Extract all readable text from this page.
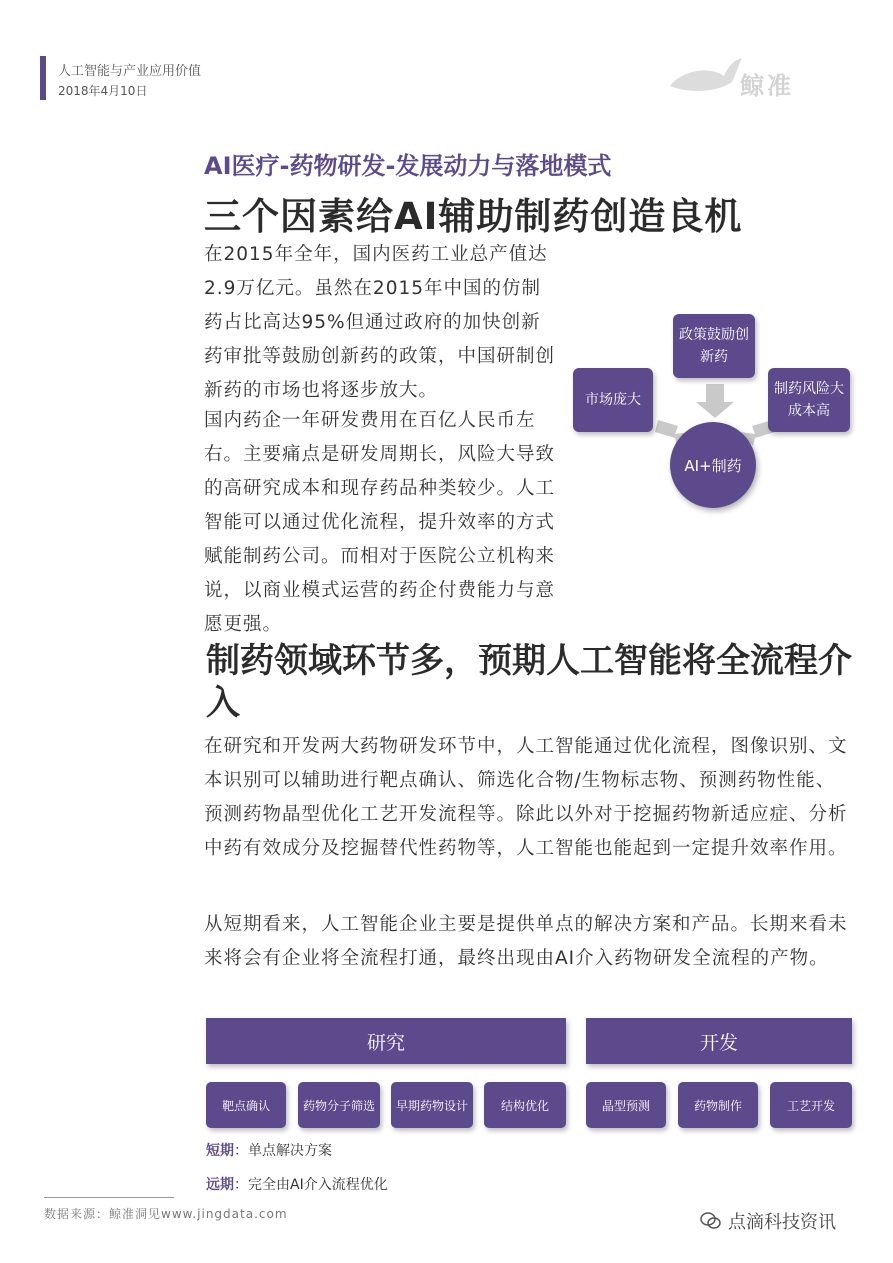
人工智能与产业应用价值
2018年4月10日	鲸准
AI医疗-药物研发-发展动力与落地模式
三个因素给AI辅助制药创造良机
在2015年全年，国内医药工业总产值达2.9万亿元。虽然在2015年中国的仿制药占比高达95%但通过政府的加快创新药审批等鼓励创新药的政策，中国研制创新药的市场也将逐步放大。
国内药企一年研发费用在百亿人民币左右。主要痛点是研发周期长，风险大导致的高研究成本和现存药品种类较少。人工智能可以通过优化流程，提升效率的方式赋能制药公司。而相对于医院公立机构来说，以商业模式运营的药企付费能力与意愿更强。
政策鼓励创新药
市场庞大
制药风险大成本高
AI+制药
制药领域环节多，预期人工智能将全流程介入
在研究和开发两大药物研发环节中，人工智能通过优化流程，图像识别、文本识别可以辅助进行靶点确认、筛选化合物/生物标志物、预测药物性能、预测药物晶型优化工艺开发流程等。除此以外对于挖掘药物新适应症、分析中药有效成分及挖掘替代性药物等，人工智能也能起到一定提升效率作用。
从短期看来，人工智能企业主要是提供单点的解决方案和产品。长期来看未来将会有企业将全流程打通，最终出现由AI介入药物研发全流程的产物。
研究	开发
靶点确认	药物分子筛选	早期药物设计	结构优化	晶型预测	药物制作	工艺开发
短期：单点解决方案
远期：完全由AI介入流程优化
数据来源：鲸准洞见www.jingdata.com	点滴科技资讯
